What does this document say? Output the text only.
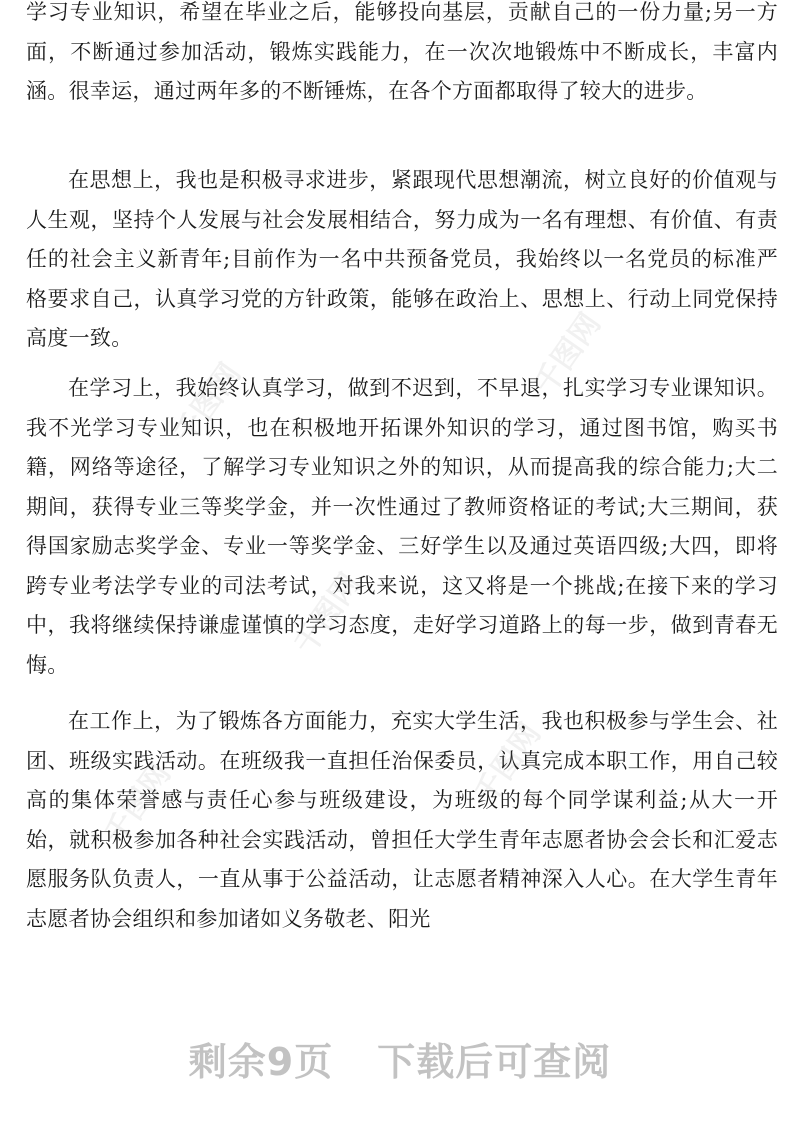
学习专业知识，希望在毕业之后，能够投向基层，贡献自己的一份力量;另一方面，不断通过参加活动，锻炼实践能力，在一次次地锻炼中不断成长，丰富内涵。很幸运，通过两年多的不断锤炼，在各个方面都取得了较大的进步。

在思想上，我也是积极寻求进步，紧跟现代思想潮流，树立良好的价值观与人生观，坚持个人发展与社会发展相结合，努力成为一名有理想、有价值、有责任的社会主义新青年;目前作为一名中共预备党员，我始终以一名党员的标准严格要求自己，认真学习党的方针政策，能够在政治上、思想上、行动上同党保持高度一致。

在学习上，我始终认真学习，做到不迟到，不早退，扎实学习专业课知识。我不光学习专业知识，也在积极地开拓课外知识的学习，通过图书馆，购买书籍，网络等途径，了解学习专业知识之外的知识，从而提高我的综合能力;大二期间，获得专业三等奖学金，并一次性通过了教师资格证的考试;大三期间，获得国家励志奖学金、专业一等奖学金、三好学生以及通过英语四级;大四，即将跨专业考法学专业的司法考试，对我来说，这又将是一个挑战;在接下来的学习中，我将继续保持谦虚谨慎的学习态度，走好学习道路上的每一步，做到青春无悔。

在工作上，为了锻炼各方面能力，充实大学生活，我也积极参与学生会、社团、班级实践活动。在班级我一直担任治保委员，认真完成本职工作，用自己较高的集体荣誉感与责任心参与班级建设，为班级的每个同学谋利益;从大一开始，就积极参加各种社会实践活动，曾担任大学生青年志愿者协会会长和汇爱志愿服务队负责人，一直从事于公益活动，让志愿者精神深入人心。在大学生青年志愿者协会组织和参加诸如义务敬老、阳光

千图网
千图网
千图网
千图网
千图网
剩余9页 下载后可查阅
